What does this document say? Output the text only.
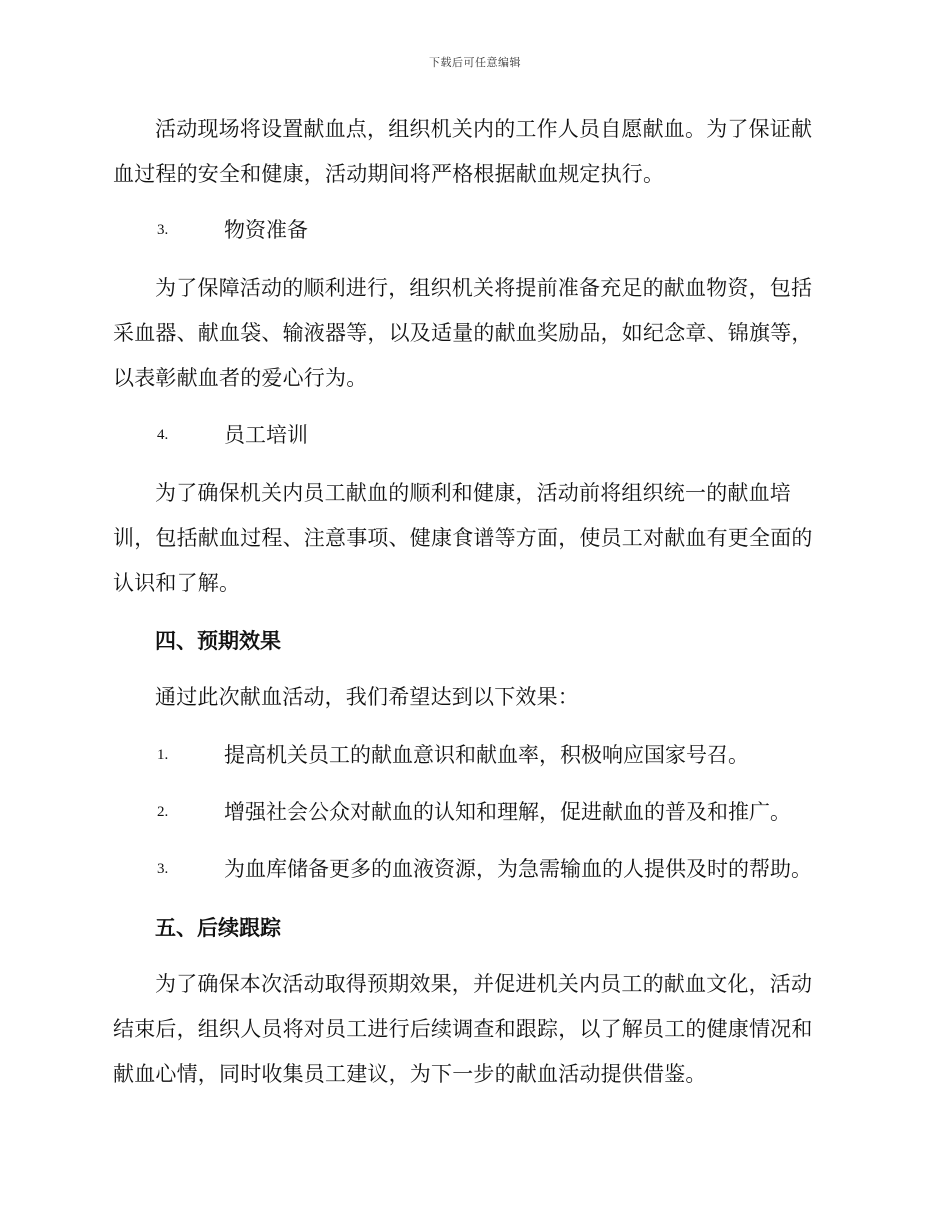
下载后可任意编辑

活动现场将设置献血点，组织机关内的工作人员自愿献血。为了保证献血过程的安全和健康，活动期间将严格根据献血规定执行。

3.	物资准备

为了保障活动的顺利进行，组织机关将提前准备充足的献血物资，包括采血器、献血袋、输液器等，以及适量的献血奖励品，如纪念章、锦旗等，以表彰献血者的爱心行为。

4.	员工培训

为了确保机关内员工献血的顺利和健康，活动前将组织统一的献血培训，包括献血过程、注意事项、健康食谱等方面，使员工对献血有更全面的认识和了解。

四、预期效果

通过此次献血活动，我们希望达到以下效果：

1.	提高机关员工的献血意识和献血率，积极响应国家号召。
2.	增强社会公众对献血的认知和理解，促进献血的普及和推广。
3.	为血库储备更多的血液资源，为急需输血的人提供及时的帮助。

五、后续跟踪

为了确保本次活动取得预期效果，并促进机关内员工的献血文化，活动结束后，组织人员将对员工进行后续调查和跟踪，以了解员工的健康情况和献血心情，同时收集员工建议，为下一步的献血活动提供借鉴。
